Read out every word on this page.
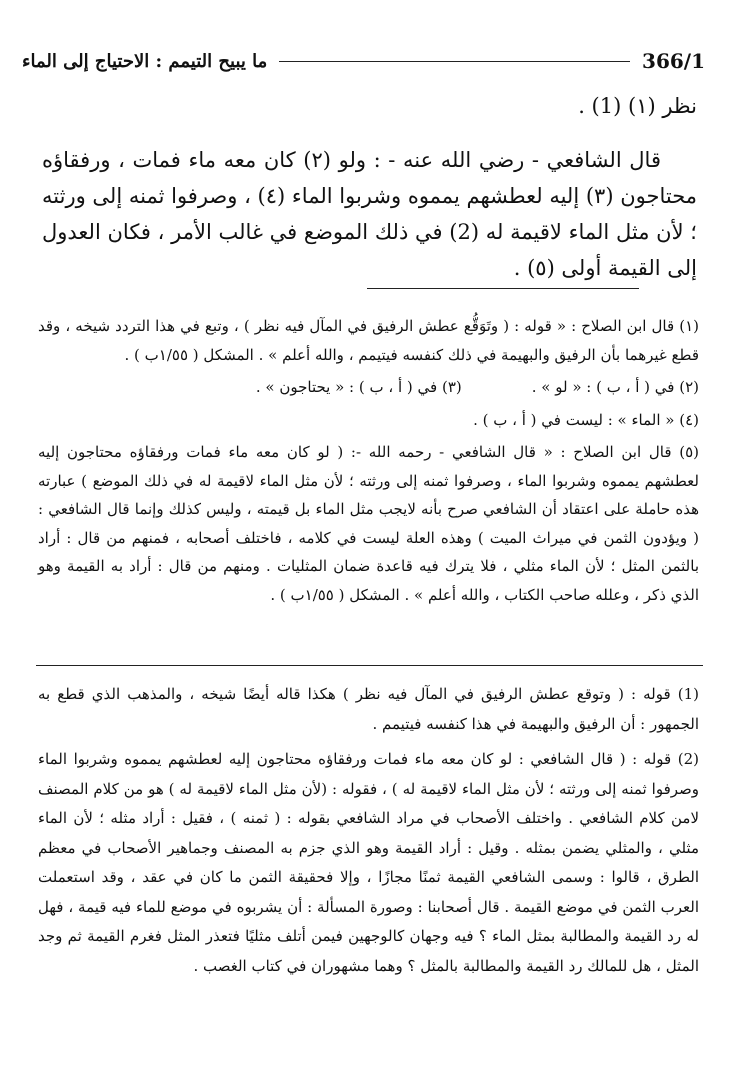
366/1
ما يبيح التيمم : الاحتياج إلى الماء

نظر (١) (1) .

قال الشافعي - رضي الله عنه - : ولو (٢) كان معه ماء فمات ، ورفقاؤه محتاجون (٣) إليه لعطشهم يمموه وشربوا الماء (٤) ، وصرفوا ثمنه إلى ورثته ؛ لأن مثل الماء لاقيمة له (2) في ذلك الموضع في غالب الأمر ، فكان العدول إلى القيمة أولى (٥) .

(١) قال ابن الصلاح : « قوله : ( وتَوَقُّع عطش الرفيق في المآل فيه نظر ) ، وتبع في هذا التردد شيخه ، وقد قطع غيرهما بأن الرفيق والبهيمة في ذلك كنفسه فيتيمم ، والله أعلم » . المشكل ( ١/٥٥ب ) .

(٢) في ( أ ، ب ) : « لو » .
(٣) في ( أ ، ب ) : « يحتاجون » .

(٤) « الماء » : ليست في ( أ ، ب ) .

(٥) قال ابن الصلاح : « قال الشافعي - رحمه الله -: ( لو كان معه ماء فمات ورفقاؤه محتاجون إليه لعطشهم يمموه وشربوا الماء ، وصرفوا ثمنه إلى ورثته ؛ لأن مثل الماء لاقيمة له في ذلك الموضع ) عبارته هذه حاملة على اعتقاد أن الشافعي صرح بأنه لايجب مثل الماء بل قيمته ، وليس كذلك وإنما قال الشافعي : ( ويؤدون الثمن في ميراث الميت ) وهذه العلة ليست في كلامه ، فاختلف أصحابه ، فمنهم من قال : أراد بالثمن المثل ؛ لأن الماء مثلي ، فلا يترك فيه قاعدة ضمان المثليات . ومنهم من قال : أراد به القيمة وهو الذي ذكر ، وعلله صاحب الكتاب ، والله أعلم » . المشكل ( ١/٥٥ب ) .

(1) قوله : ( وتوقع عطش الرفيق في المآل فيه نظر ) هكذا قاله أيضًا شيخه ، والمذهب الذي قطع به الجمهور : أن الرفيق والبهيمة في هذا كنفسه فيتيمم .

(2) قوله : ( قال الشافعي : لو كان معه ماء فمات ورفقاؤه محتاجون إليه لعطشهم يمموه وشربوا الماء وصرفوا ثمنه إلى ورثته ؛ لأن مثل الماء لاقيمة له ) ، فقوله : (لأن مثل الماء لاقيمة له ) هو من كلام المصنف لامن كلام الشافعي . واختلف الأصحاب في مراد الشافعي بقوله : ( ثمنه ) ، فقيل : أراد مثله ؛ لأن الماء مثلي ، والمثلي يضمن بمثله . وقيل : أراد القيمة وهو الذي جزم به المصنف وجماهير الأصحاب في معظم الطرق ، قالوا : وسمى الشافعي القيمة ثمنًا مجازًا ، وإلا فحقيقة الثمن ما كان في عقد ، وقد استعملت العرب الثمن في موضع القيمة . قال أصحابنا : وصورة المسألة : أن يشربوه في موضع للماء فيه قيمة ، فهل له رد القيمة والمطالبة بمثل الماء ؟ فيه وجهان كالوجهين فيمن أتلف مثليًا فتعذر المثل فغرم القيمة ثم وجد المثل ، هل للمالك رد القيمة والمطالبة بالمثل ؟ وهما مشهوران في كتاب الغصب .
